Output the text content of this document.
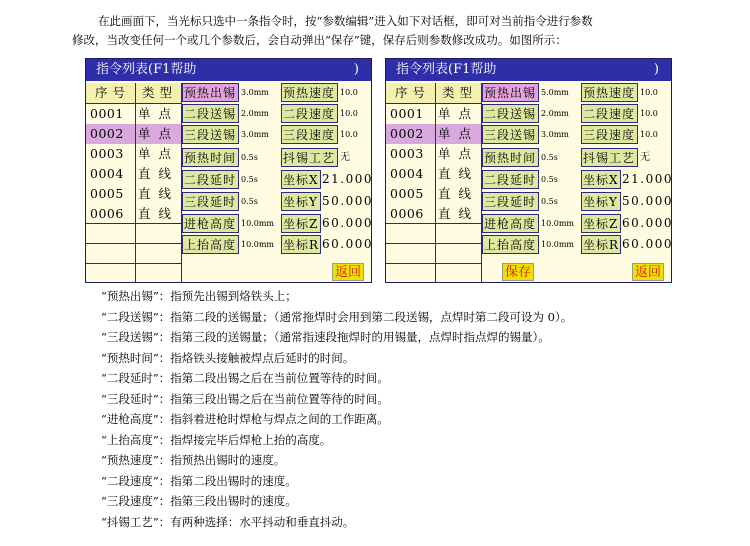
在此画面下，当光标只选中一条指令时，按“参数编辑”进入如下对话框，即可对当前指令进行参数

修改，当改变任何一个或几个参数后，会自动弹出“保存”键，保存后则参数修改成功。如图所示：

指令列表(F1帮助	)
序号 类型
0001	单 点
0002	单 点
0003	单 点
0004	直 线
0005	直 线
0006	直 线
预热出锡 3.0mm
二段送锡 2.0mm
三段送锡 3.0mm
预热时间 0.5s
二段延时 0.5s
三段延时 0.5s
进枪高度 10.0mm
上抬高度 10.0mm
预热速度 10.0
二段速度 10.0
三段速度 10.0
抖锡工艺 无
坐标X 21.000
坐标Y 50.000
坐标Z 60.000
坐标R 60.000
返回
指令列表(F1帮助	)
序号 类型
0001	单 点
0002	单 点
0003	单 点
0004	直 线
0005	直 线
0006	直 线
预热出锡 5.0mm
二段送锡 2.0mm
三段送锡 3.0mm
预热时间 0.5s
二段延时 0.5s
三段延时 0.5s
进枪高度 10.0mm
上抬高度 10.0mm
预热速度 10.0
二段速度 10.0
三段速度 10.0
抖锡工艺 无
坐标X 21.000
坐标Y 50.000
坐标Z 60.000
坐标R 60.000
保存	返回
“预热出锡”：指预先出锡到烙铁头上；
“二段送锡”：指第二段的送锡量；（通常拖焊时会用到第二段送锡，点焊时第二段可设为 0）。
“三段送锡”：指第三段的送锡量；（通常指速段拖焊时的用锡量，点焊时指点焊的锡量）。
“预热时间”：指烙铁头接触被焊点后延时的时间。
“二段延时”：指第二段出锡之后在当前位置等待的时间。
“三段延时”：指第三段出锡之后在当前位置等待的时间。
“进枪高度”：指斜着进枪时焊枪与焊点之间的工作距离。
“上抬高度”：指焊接完毕后焊枪上抬的高度。
“预热速度”：指预热出锡时的速度。
“二段速度”：指第二段出锡时的速度。
“三段速度”：指第三段出锡时的速度。
“抖锡工艺”：有两种选择：水平抖动和垂直抖动。
